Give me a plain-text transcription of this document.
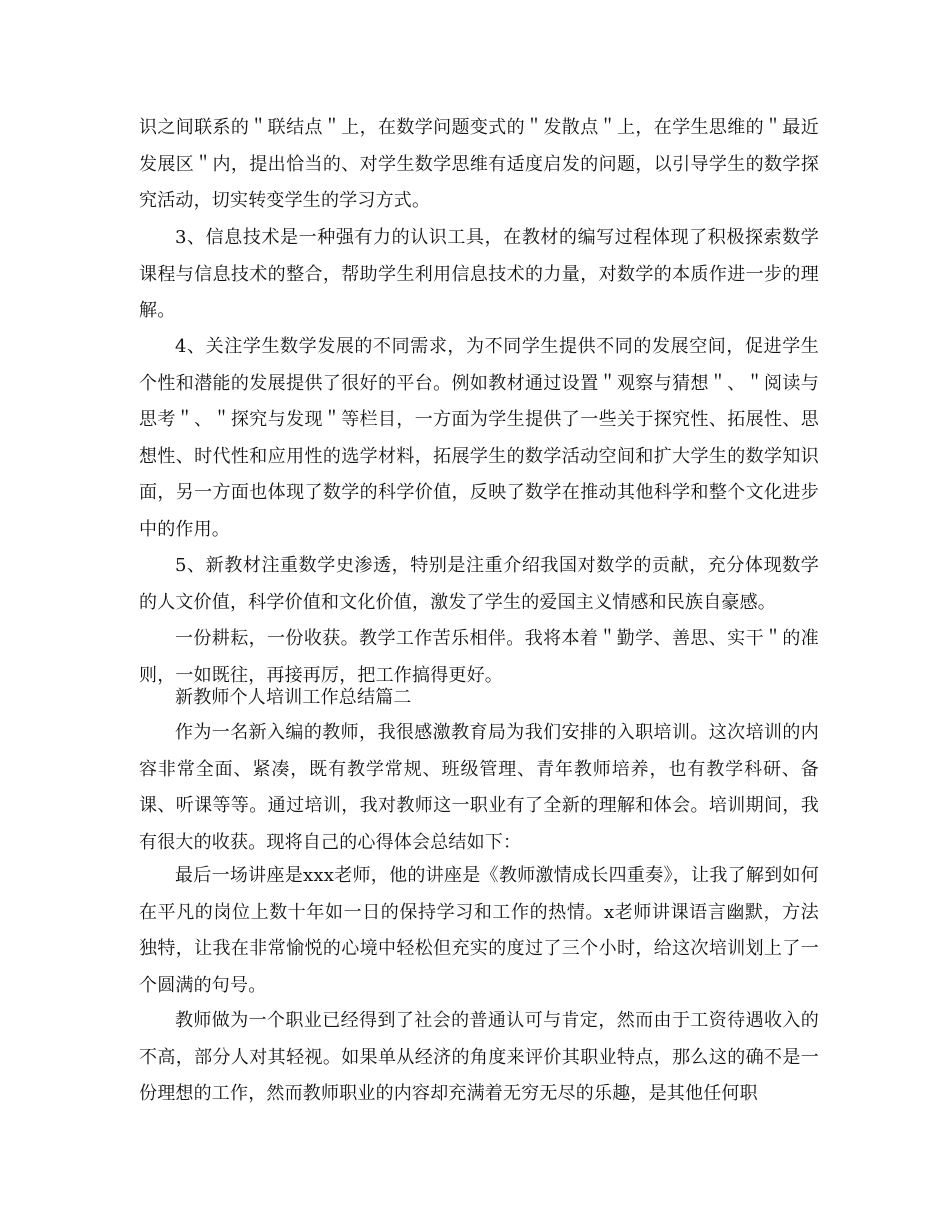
识之间联系的＂联结点＂上，在数学问题变式的＂发散点＂上，在学生思维的＂最近发展区＂内，提出恰当的、对学生数学思维有适度启发的问题，以引导学生的数学探究活动，切实转变学生的学习方式。

3、信息技术是一种强有力的认识工具，在教材的编写过程体现了积极探索数学课程与信息技术的整合，帮助学生利用信息技术的力量，对数学的本质作进一步的理解。

4、关注学生数学发展的不同需求，为不同学生提供不同的发展空间，促进学生个性和潜能的发展提供了很好的平台。例如教材通过设置＂观察与猜想＂、＂阅读与思考＂、＂探究与发现＂等栏目，一方面为学生提供了一些关于探究性、拓展性、思想性、时代性和应用性的选学材料，拓展学生的数学活动空间和扩大学生的数学知识面，另一方面也体现了数学的科学价值，反映了数学在推动其他科学和整个文化进步中的作用。

5、新教材注重数学史渗透，特别是注重介绍我国对数学的贡献，充分体现数学的人文价值，科学价值和文化价值，激发了学生的爱国主义情感和民族自豪感。

一份耕耘，一份收获。教学工作苦乐相伴。我将本着＂勤学、善思、实干＂的准则，一如既往，再接再厉，把工作搞得更好。

新教师个人培训工作总结篇二

作为一名新入编的教师，我很感激教育局为我们安排的入职培训。这次培训的内容非常全面、紧凑，既有教学常规、班级管理、青年教师培养，也有教学科研、备课、听课等等。通过培训，我对教师这一职业有了全新的理解和体会。培训期间，我有很大的收获。现将自己的心得体会总结如下：

最后一场讲座是xxx老师，他的讲座是《教师激情成长四重奏》，让我了解到如何在平凡的岗位上数十年如一日的保持学习和工作的热情。x老师讲课语言幽默，方法独特，让我在非常愉悦的心境中轻松但充实的度过了三个小时，给这次培训划上了一个圆满的句号。

教师做为一个职业已经得到了社会的普通认可与肯定，然而由于工资待遇收入的不高，部分人对其轻视。如果单从经济的角度来评价其职业特点，那么这的确不是一份理想的工作，然而教师职业的内容却充满着无穷无尽的乐趣，是其他任何职
